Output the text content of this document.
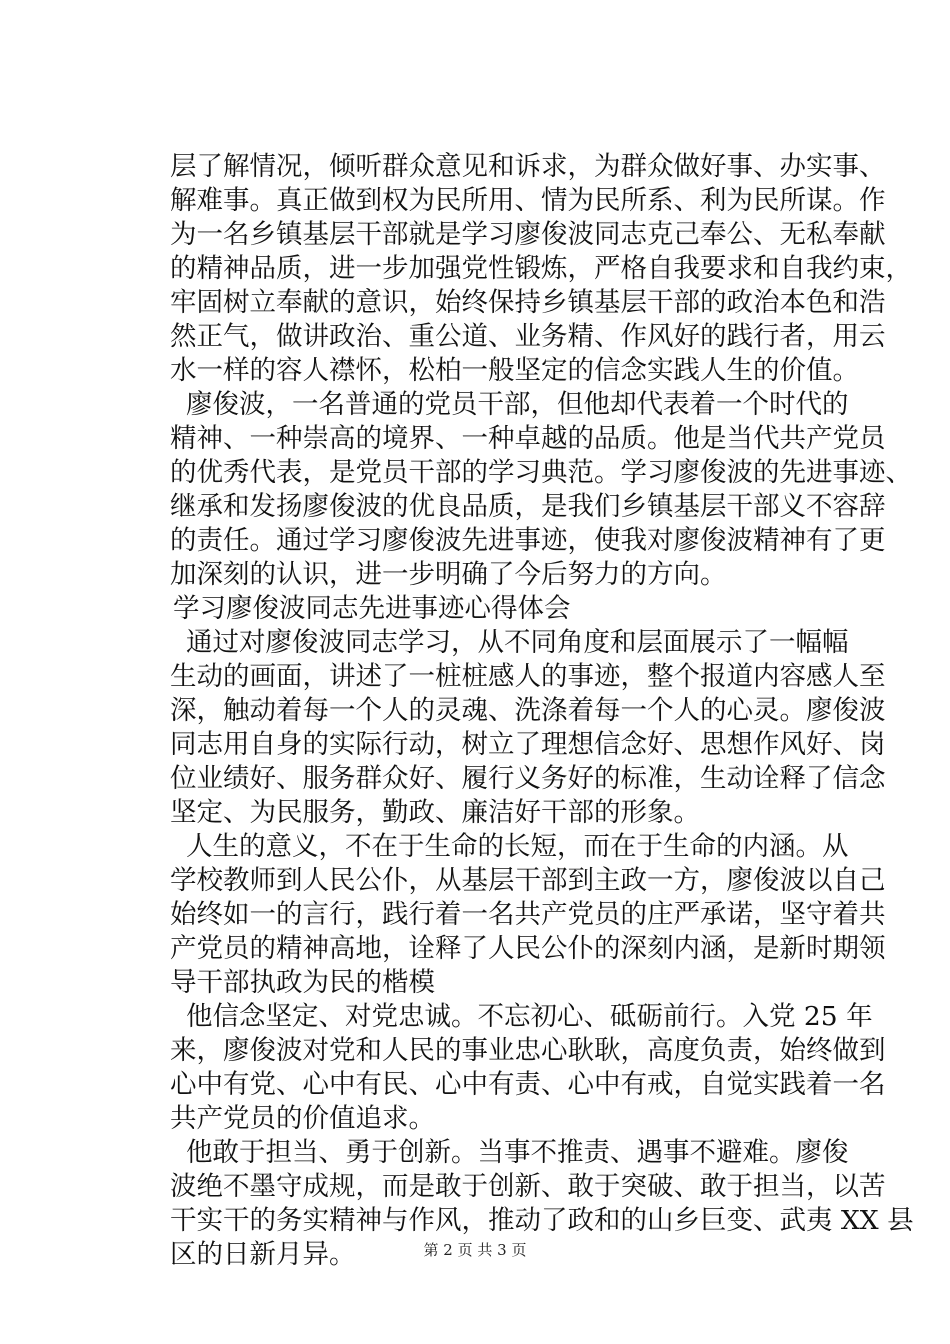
层了解情况，倾听群众意见和诉求，为群众做好事、办实事、
解难事。真正做到权为民所用、情为民所系、利为民所谋。作
为一名乡镇基层干部就是学习廖俊波同志克己奉公、无私奉献
的精神品质，进一步加强党性锻炼，严格自我要求和自我约束，
牢固树立奉献的意识，始终保持乡镇基层干部的政治本色和浩
然正气，做讲政治、重公道、业务精、作风好的践行者，用云
水一样的容人襟怀，松柏一般坚定的信念实践人生的价值。
廖俊波，一名普通的党员干部，但他却代表着一个时代的
精神、一种崇高的境界、一种卓越的品质。他是当代共产党员
的优秀代表，是党员干部的学习典范。学习廖俊波的先进事迹、
继承和发扬廖俊波的优良品质，是我们乡镇基层干部义不容辞
的责任。通过学习廖俊波先进事迹，使我对廖俊波精神有了更
加深刻的认识，进一步明确了今后努力的方向。
学习廖俊波同志先进事迹心得体会
通过对廖俊波同志学习，从不同角度和层面展示了一幅幅
生动的画面，讲述了一桩桩感人的事迹，整个报道内容感人至
深，触动着每一个人的灵魂、洗涤着每一个人的心灵。廖俊波
同志用自身的实际行动，树立了理想信念好、思想作风好、岗
位业绩好、服务群众好、履行义务好的标准，生动诠释了信念
坚定、为民服务，勤政、廉洁好干部的形象。
人生的意义，不在于生命的长短，而在于生命的内涵。从
学校教师到人民公仆，从基层干部到主政一方，廖俊波以自己
始终如一的言行，践行着一名共产党员的庄严承诺，坚守着共
产党员的精神高地，诠释了人民公仆的深刻内涵，是新时期领
导干部执政为民的楷模
他信念坚定、对党忠诚。不忘初心、砥砺前行。入党 25 年
来，廖俊波对党和人民的事业忠心耿耿，高度负责，始终做到
心中有党、心中有民、心中有责、心中有戒，自觉实践着一名
共产党员的价值追求。
他敢于担当、勇于创新。当事不推责、遇事不避难。廖俊
波绝不墨守成规，而是敢于创新、敢于突破、敢于担当，以苦
干实干的务实精神与作风，推动了政和的山乡巨变、武夷 XX 县
区的日新月异。	第 2 页 共 3 页
